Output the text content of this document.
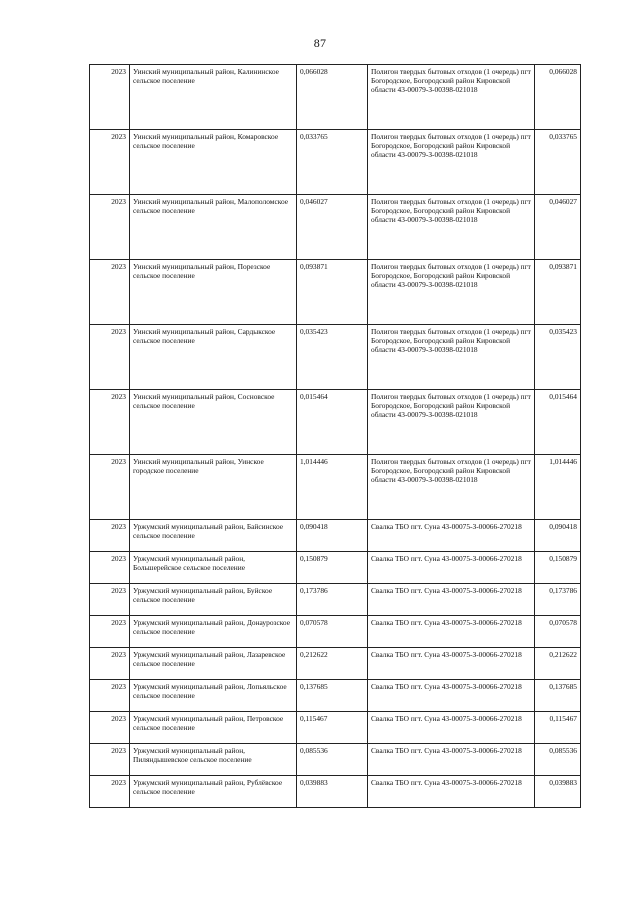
87
2023	Уинский муниципальный район, Калининское сельское поселение	0,066028	Полигон твердых бытовых отходов (1 очередь) пгт Богородское, Богородский район Кировской области 43-00079-З-00398-021018	0,066028
2023	Уинский муниципальный район, Комаровское сельское поселение	0,033765	Полигон твердых бытовых отходов (1 очередь) пгт Богородское, Богородский район Кировской области 43-00079-З-00398-021018	0,033765
2023	Уинский муниципальный район, Малополомское сельское поселение	0,046027	Полигон твердых бытовых отходов (1 очередь) пгт Богородское, Богородский район Кировской области 43-00079-З-00398-021018	0,046027
2023	Уинский муниципальный район, Порезское сельское поселение	0,093871	Полигон твердых бытовых отходов (1 очередь) пгт Богородское, Богородский район Кировской области 43-00079-З-00398-021018	0,093871
2023	Уинский муниципальный район, Сардыкское сельское поселение	0,035423	Полигон твердых бытовых отходов (1 очередь) пгт Богородское, Богородский район Кировской области 43-00079-З-00398-021018	0,035423
2023	Уинский муниципальный район, Сосновское сельское поселение	0,015464	Полигон твердых бытовых отходов (1 очередь) пгт Богородское, Богородский район Кировской области 43-00079-З-00398-021018	0,015464
2023	Уинский муниципальный район, Уинское городское поселение	1,014446	Полигон твердых бытовых отходов (1 очередь) пгт Богородское, Богородский район Кировской области 43-00079-З-00398-021018	1,014446
2023	Уржумский муниципальный район, Байсинское сельское поселение	0,090418	Свалка ТБО пгт. Суна 43-00075-З-00066-270218	0,090418
2023	Уржумский муниципальный район, Большерейское сельское поселение	0,150879	Свалка ТБО пгт. Суна 43-00075-З-00066-270218	0,150879
2023	Уржумский муниципальный район, Буйское сельское поселение	0,173786	Свалка ТБО пгт. Суна 43-00075-З-00066-270218	0,173786
2023	Уржумский муниципальный район, Донаурозское сельское поселение	0,070578	Свалка ТБО пгт. Суна 43-00075-З-00066-270218	0,070578
2023	Уржумский муниципальный район, Лазаревское сельское поселение	0,212622	Свалка ТБО пгт. Суна 43-00075-З-00066-270218	0,212622
2023	Уржумский муниципальный район, Лопьяльское сельское поселение	0,137685	Свалка ТБО пгт. Суна 43-00075-З-00066-270218	0,137685
2023	Уржумский муниципальный район, Петровское сельское поселение	0,115467	Свалка ТБО пгт. Суна 43-00075-З-00066-270218	0,115467
2023	Уржумский муниципальный район, Пиляндышевское сельское поселение	0,085536	Свалка ТБО пгт. Суна 43-00075-З-00066-270218	0,085536
2023	Уржумский муниципальный район, Рублёвское сельское поселение	0,039883	Свалка ТБО пгт. Суна 43-00075-З-00066-270218	0,039883
